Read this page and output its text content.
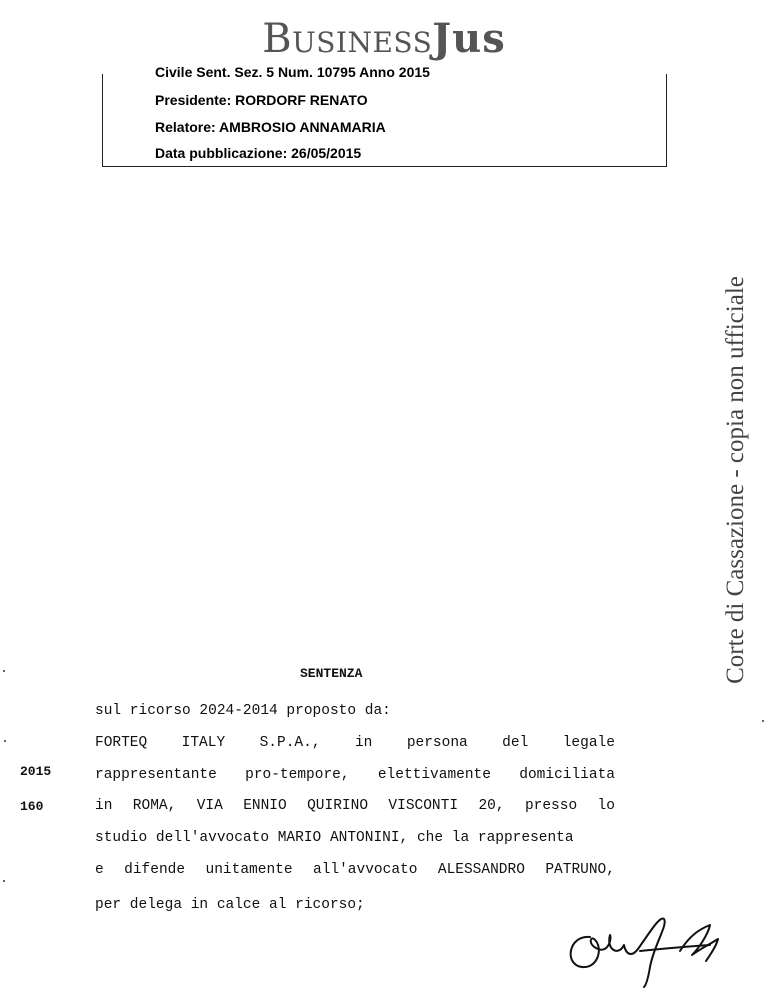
BusinessJus
Civile Sent. Sez. 5 Num. 10795 Anno 2015
Presidente: RORDORF RENATO
Relatore: AMBROSIO ANNAMARIA
Data pubblicazione: 26/05/2015
Corte di Cassazione - copia non ufficiale
SENTENZA
sul ricorso 2024-2014 proposto da:
FORTEQ ITALY S.P.A., in persona del legale
rappresentante pro-tempore, elettivamente domiciliata
in ROMA, VIA ENNIO QUIRINO VISCONTI 20, presso lo
studio dell'avvocato MARIO ANTONINI, che la rappresenta
e difende unitamente all'avvocato ALESSANDRO PATRUNO,
per delega in calce al ricorso;
2015
160
